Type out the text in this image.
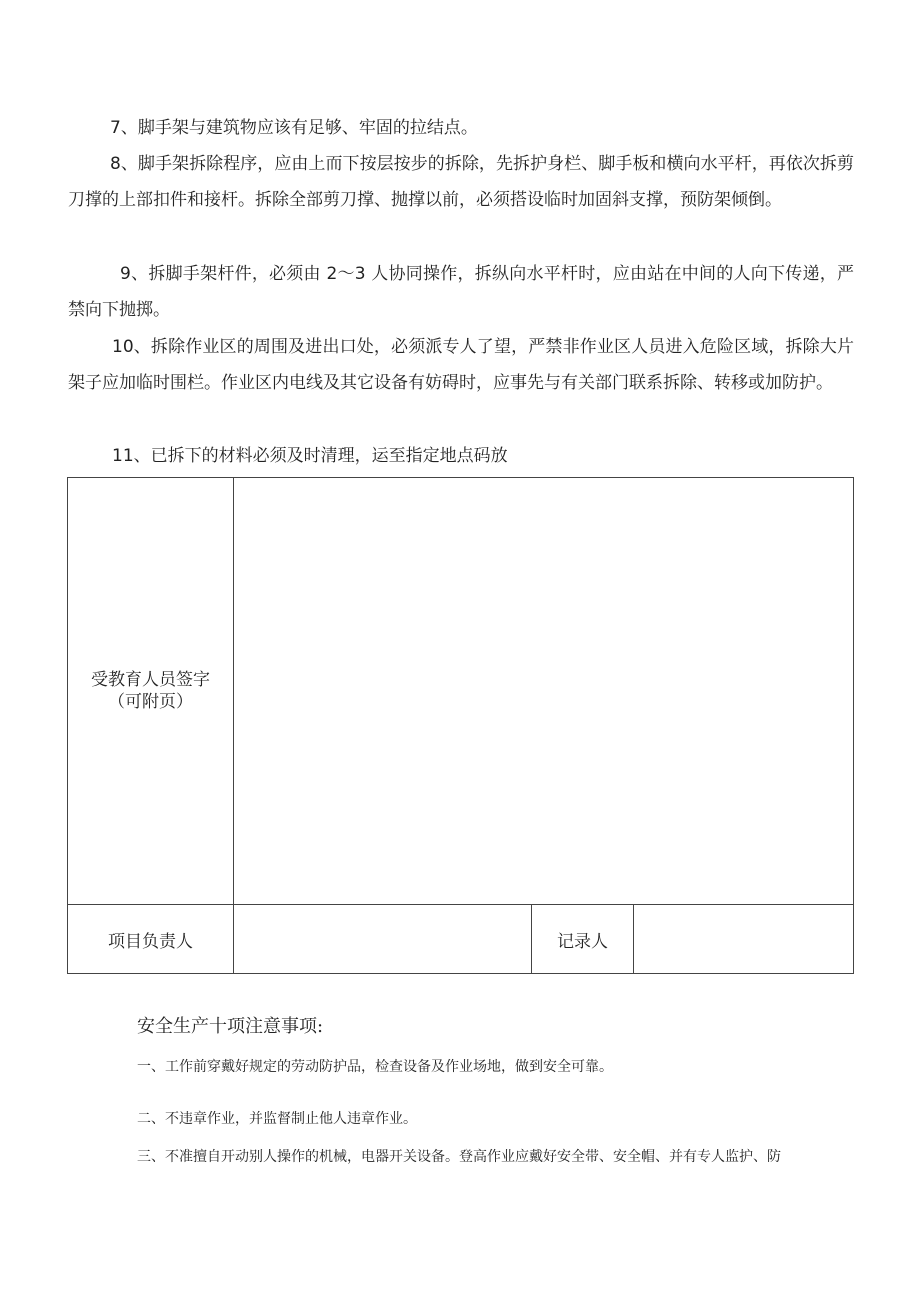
7、脚手架与建筑物应该有足够、牢固的拉结点。

8、脚手架拆除程序，应由上而下按层按步的拆除，先拆护身栏、脚手板和横向水平杆，再依次拆剪刀撑的上部扣件和接杆。拆除全部剪刀撑、抛撑以前，必须搭设临时加固斜支撑，预防架倾倒。

9、拆脚手架杆件，必须由 2～3 人协同操作，拆纵向水平杆时，应由站在中间的人向下传递，严禁向下抛掷。

10、拆除作业区的周围及进出口处，必须派专人了望，严禁非作业区人员进入危险区域，拆除大片架子应加临时围栏。作业区内电线及其它设备有妨碍时，应事先与有关部门联系拆除、转移或加防护。

11、已拆下的材料必须及时清理，运至指定地点码放

受教育人员签字
（可附页）			

项目负责人		记录人	
安全生产十项注意事项:

一、工作前穿戴好规定的劳动防护品，检查设备及作业场地，做到安全可靠。

二、不违章作业，并监督制止他人违章作业。

三、不准擅自开动别人操作的机械，电器开关设备。登高作业应戴好安全带、安全帽、并有专人监护、防
